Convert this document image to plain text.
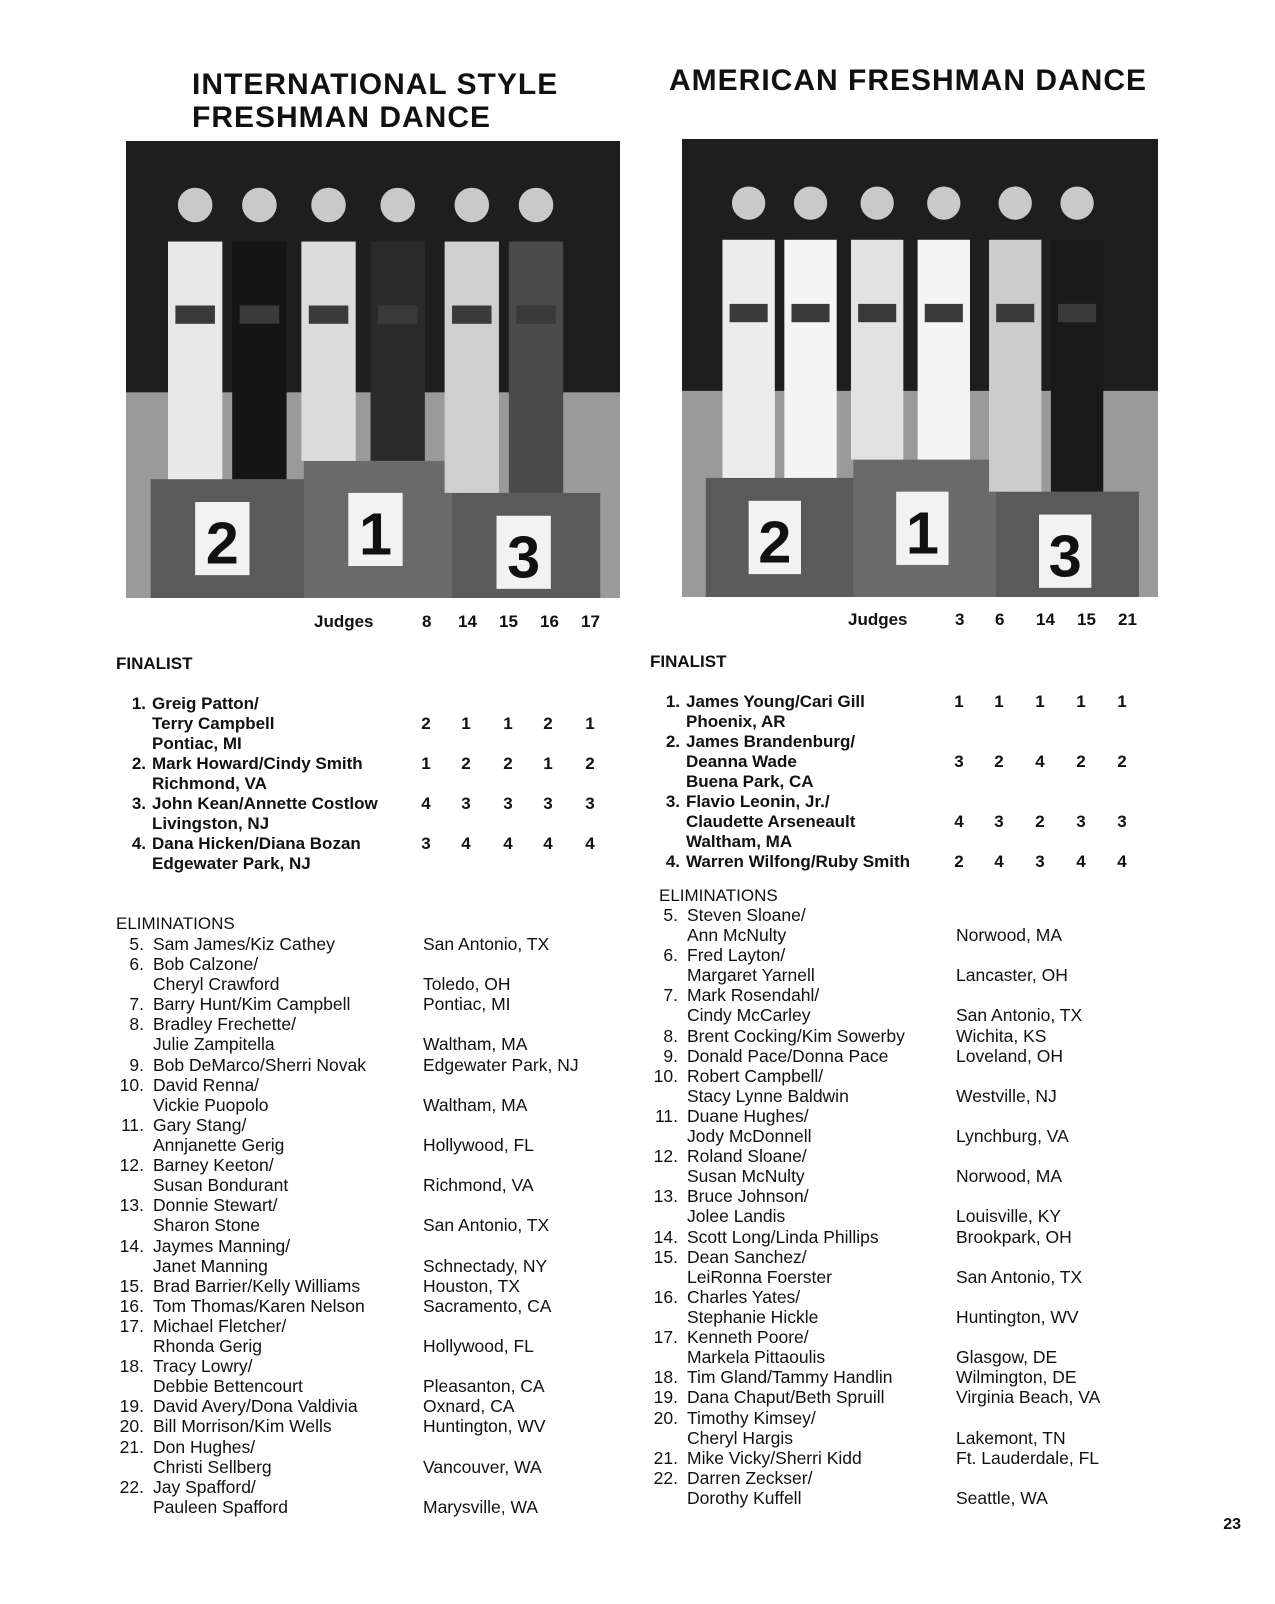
INTERNATIONAL STYLE
FRESHMAN DANCE
2 1 3
Judges	8 14 15 16 17
FINALIST
1. Greig Patton/
Terry Campbell
Pontiac, MI
2	1	1	2	1
2. Mark Howard/Cindy Smith
Richmond, VA
1	2	2	1	2
3. John Kean/Annette Costlow
Livingston, NJ
4	3	3	3	3
4. Dana Hicken/Diana Bozan
Edgewater Park, NJ
3	4	4	4	4
ELIMINATIONS
5. Sam James/Kiz Cathey	San Antonio, TX
6. Bob Calzone/
Cheryl Crawford	Toledo, OH
7. Barry Hunt/Kim Campbell	Pontiac, MI
8. Bradley Frechette/
Julie Zampitella	Waltham, MA
9. Bob DeMarco/Sherri Novak	Edgewater Park, NJ
10. David Renna/
Vickie Puopolo	Waltham, MA
11. Gary Stang/
Annjanette Gerig	Hollywood, FL
12. Barney Keeton/
Susan Bondurant	Richmond, VA
13. Donnie Stewart/
Sharon Stone	San Antonio, TX
14. Jaymes Manning/
Janet Manning	Schnectady, NY
15. Brad Barrier/Kelly Williams	Houston, TX
16. Tom Thomas/Karen Nelson	Sacramento, CA
17. Michael Fletcher/
Rhonda Gerig	Hollywood, FL
18. Tracy Lowry/
Debbie Bettencourt	Pleasanton, CA
19. David Avery/Dona Valdivia	Oxnard, CA
20. Bill Morrison/Kim Wells	Huntington, WV
21. Don Hughes/
Christi Sellberg	Vancouver, WA
22. Jay Spafford/
Pauleen Spafford	Marysville, WA
AMERICAN FRESHMAN DANCE
2 1 3
Judges	3 6 14 15 21
FINALIST
1. James Young/Cari Gill
Phoenix, AR
1	1	1	1	1
2. James Brandenburg/
Deanna Wade
Buena Park, CA
3	2	4	2	2
3. Flavio Leonin, Jr./
Claudette Arseneault
Waltham, MA
4	3	2	3	3
4. Warren Wilfong/Ruby Smith	2	4	3	4	4
ELIMINATIONS
5. Steven Sloane/
Ann McNulty	Norwood, MA
6. Fred Layton/
Margaret Yarnell	Lancaster, OH
7. Mark Rosendahl/
Cindy McCarley	San Antonio, TX
8. Brent Cocking/Kim Sowerby	Wichita, KS
9. Donald Pace/Donna Pace	Loveland, OH
10. Robert Campbell/
Stacy Lynne Baldwin	Westville, NJ
11. Duane Hughes/
Jody McDonnell	Lynchburg, VA
12. Roland Sloane/
Susan McNulty	Norwood, MA
13. Bruce Johnson/
Jolee Landis	Louisville, KY
14. Scott Long/Linda Phillips	Brookpark, OH
15. Dean Sanchez/
LeiRonna Foerster	San Antonio, TX
16. Charles Yates/
Stephanie Hickle	Huntington, WV
17. Kenneth Poore/
Markela Pittaoulis	Glasgow, DE
18. Tim Gland/Tammy Handlin	Wilmington, DE
19. Dana Chaput/Beth Spruill	Virginia Beach, VA
20. Timothy Kimsey/
Cheryl Hargis	Lakemont, TN
21. Mike Vicky/Sherri Kidd	Ft. Lauderdale, FL
22. Darren Zeckser/
Dorothy Kuffell	Seattle, WA
23
